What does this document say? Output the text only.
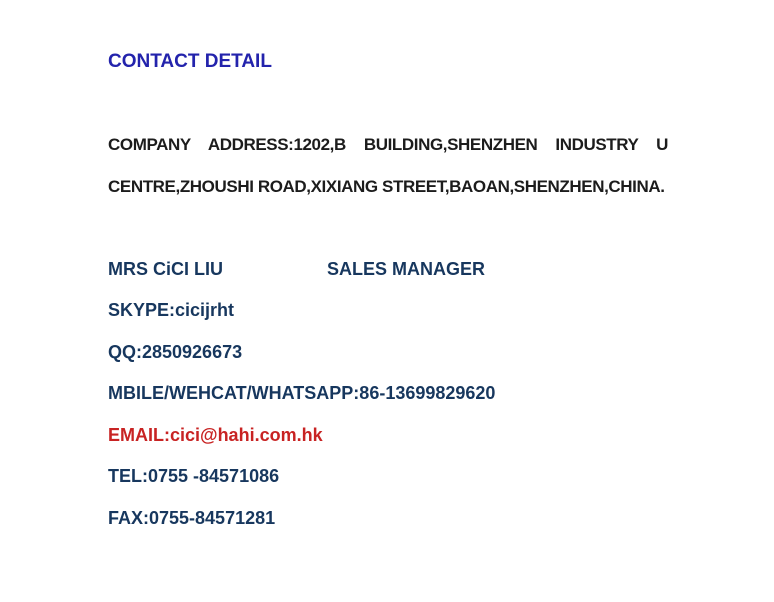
CONTACT DETAIL
COMPANY ADDRESS:1202,B BUILDING,SHENZHEN INDUSTRY U
CENTRE,ZHOUSHI ROAD,XIXIANG STREET,BAOAN,SHENZHEN,CHINA.
MRS CiCI LIU	SALES MANAGER
SKYPE:cicijrht
QQ:2850926673
MBILE/WEHCAT/WHATSAPP:86-13699829620
EMAIL:cici@hahi.com.hk
TEL:0755 -84571086
FAX:0755-84571281
